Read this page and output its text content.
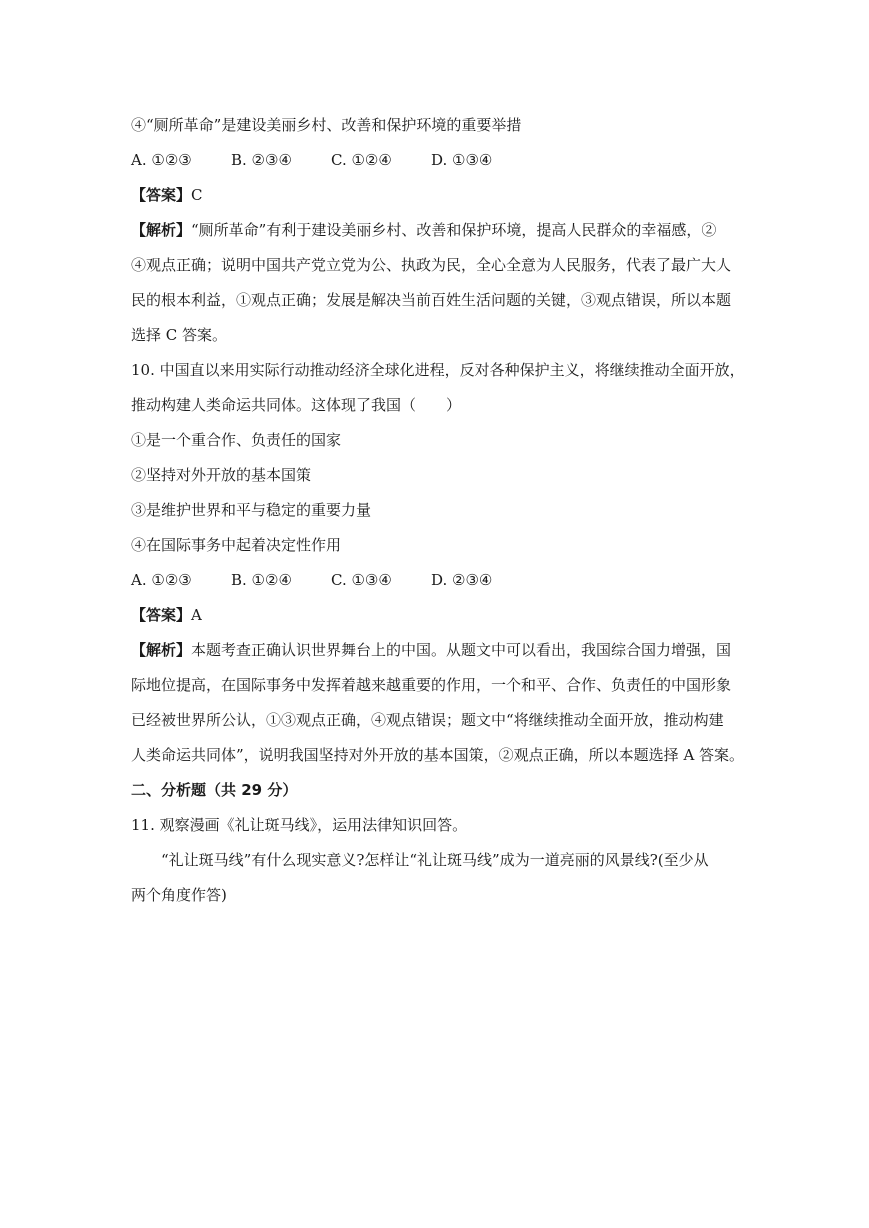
④“厕所革命”是建设美丽乡村、改善和保护环境的重要举措

A. ①②③	B. ②③④	C. ①②④	D. ①③④

【答案】C

【解析】“厕所革命”有利于建设美丽乡村、改善和保护环境，提高人民群众的幸福感，②

④观点正确；说明中国共产党立党为公、执政为民，全心全意为人民服务，代表了最广大人

民的根本利益，①观点正确；发展是解决当前百姓生活问题的关键，③观点错误，所以本题

选择 C 答案。

10. 中国直以来用实际行动推动经济全球化进程，反对各种保护主义，将继续推动全面开放，

推动构建人类命运共同体。这体现了我国（　　）

①是一个重合作、负责任的国家

②坚持对外开放的基本国策

③是维护世界和平与稳定的重要力量

④在国际事务中起着决定性作用

A. ①②③	B. ①②④	C. ①③④	D. ②③④

【答案】A

【解析】本题考查正确认识世界舞台上的中国。从题文中可以看出，我国综合国力增强，国

际地位提高，在国际事务中发挥着越来越重要的作用，一个和平、合作、负责任的中国形象

已经被世界所公认，①③观点正确，④观点错误；题文中“将继续推动全面开放，推动构建

人类命运共同体”，说明我国坚持对外开放的基本国策，②观点正确，所以本题选择 A 答案。

二、分析题（共 29 分）

11. 观察漫画《礼让斑马线》，运用法律知识回答。

“礼让斑马线”有什么现实意义?怎样让“礼让斑马线”成为一道亮丽的风景线?(至少从

两个角度作答)
